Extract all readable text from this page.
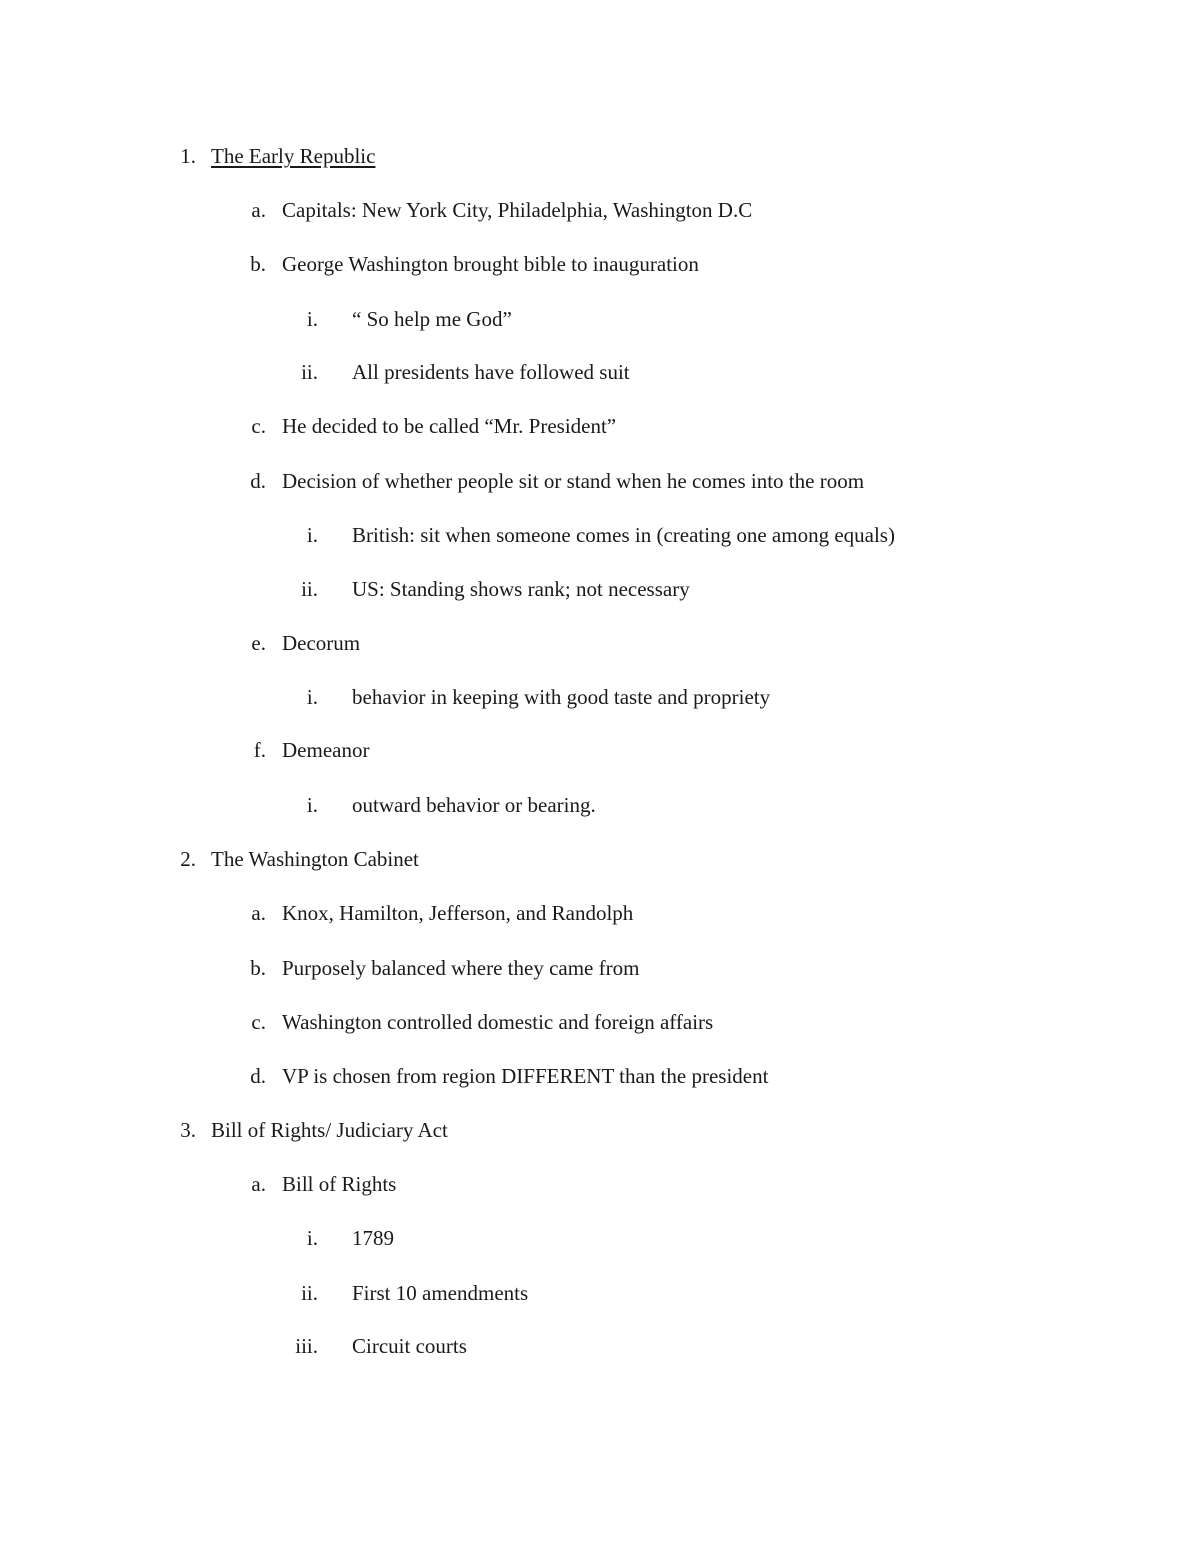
1. The Early Republic
a. Capitals: New York City, Philadelphia, Washington D.C
b. George Washington brought bible to inauguration
i. “ So help me God”
ii. All presidents have followed suit
c. He decided to be called “Mr. President”
d. Decision of whether people sit or stand when he comes into the room
i. British: sit when someone comes in (creating one among equals)
ii. US: Standing shows rank; not necessary
e. Decorum
i. behavior in keeping with good taste and propriety
f. Demeanor
i. outward behavior or bearing.
2. The Washington Cabinet
a. Knox, Hamilton, Jefferson, and Randolph
b. Purposely balanced where they came from
c. Washington controlled domestic and foreign affairs
d. VP is chosen from region DIFFERENT than the president
3. Bill of Rights/ Judiciary Act
a. Bill of Rights
i. 1789
ii. First 10 amendments
iii. Circuit courts
